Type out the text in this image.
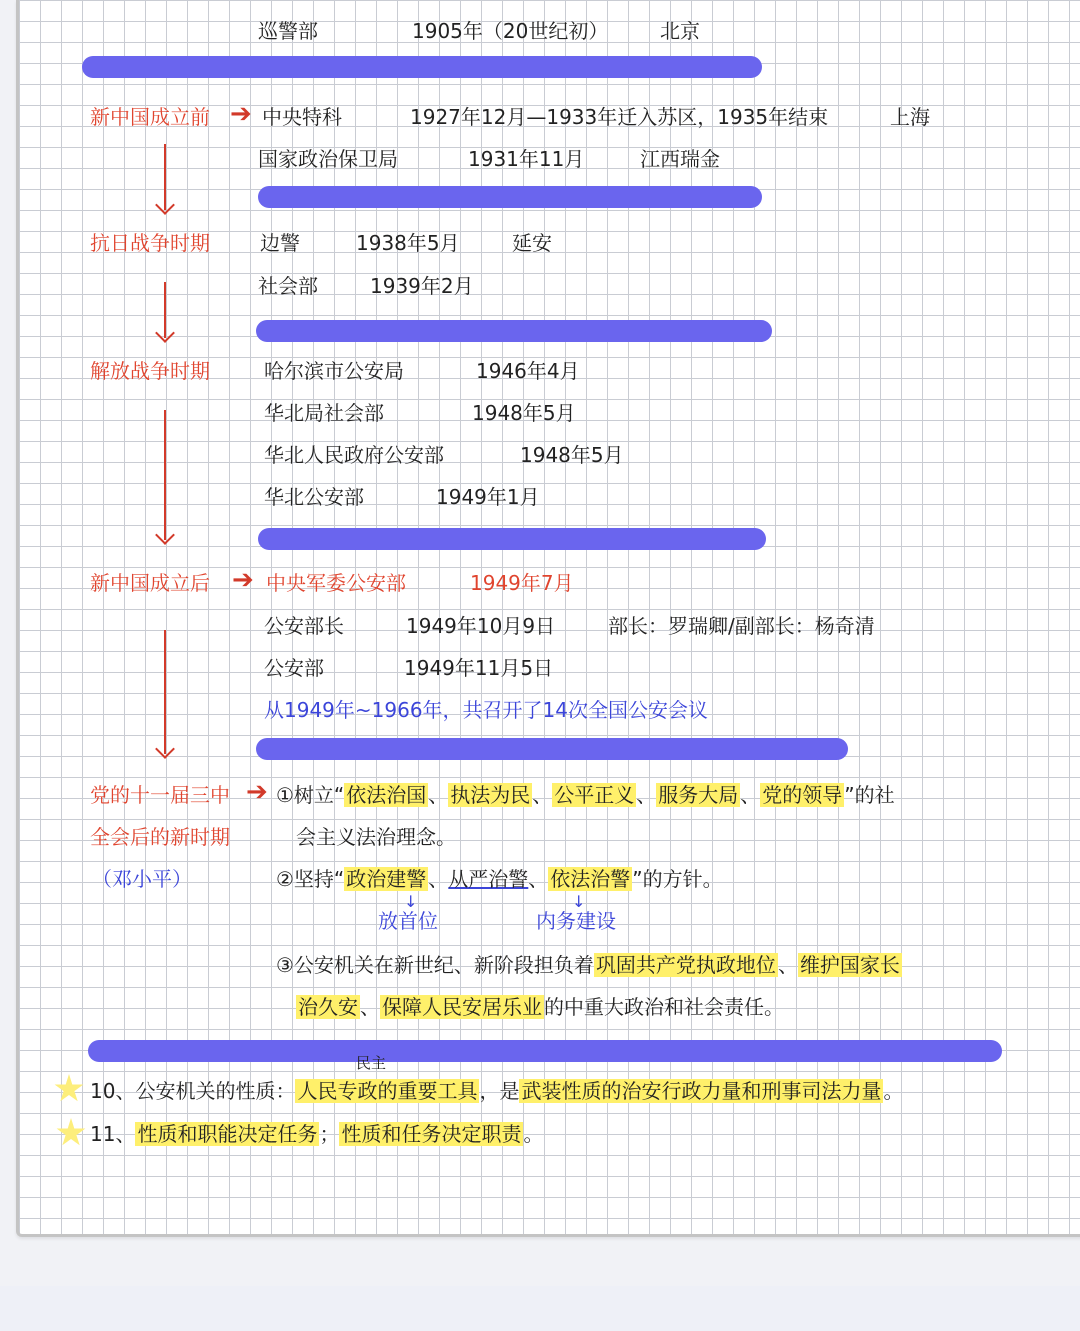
巡警部	1905年（20世纪初）	北京
新中国成立前 ➔ 中央特科	1927年12月—1933年迁入苏区，1935年结束	上海
国家政治保卫局	1931年11月	江西瑞金
抗日战争时期	边警	1938年5月	延安
社会部	1939年2月
解放战争时期	哈尔滨市公安局	1946年4月
华北局社会部	1948年5月
华北人民政府公安部	1948年5月
华北公安部	1949年1月
新中国成立后 ➔ 中央军委公安部	1949年7月
公安部长	1949年10月9日	部长：罗瑞卿/副部长：杨奇清
公安部	1949年11月5日
从1949年~1966年，共召开了14次全国公安会议
党的十一届三中 ➔
全会后的新时期
（邓小平）
①树立“ 依法治国 、 执法为民 、 公平正义 、 服务大局 、 党的领导 ”的社
会主义法治理念。
②坚持“ 政治建警 、从严治警、 依法治警 ”的方针。
↓	↓
放首位	内务建设
③公安机关在新世纪、新阶段担负着 巩固共产党执政地位 、 维护国家长
治久安 、 保障人民安居乐业 的中重大政治和社会责任。
民主
10、公安机关的性质： 人民专政的重要工具 ，是 武装性质的治安行政力量和刑事司法力量 。
11、 性质和职能决定任务 ； 性质和任务决定职责 。
